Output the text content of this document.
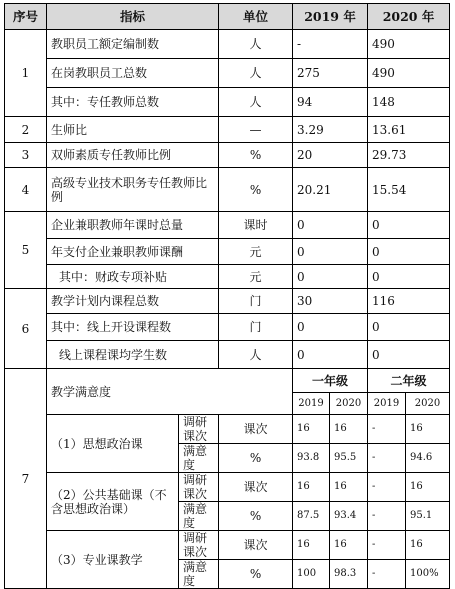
序号	指标		单位	2019 年		2020 年	
1	教职员工额定编制数		人	-		490	
	在岗教职员工总数		人	275		490	
	其中：专任教师总数		人	94		148	
2	生师比		—	3.29		13.61	
3	双师素质专任教师比例		%	20		29.73	
4	高级专业技术职务专任教师比例		%	20.21		15.54	
5	企业兼职教师年课时总量		课时	0		0	
	年支付企业兼职教师课酬		元	0		0	
	其中：财政专项补贴		元	0		0	
6	教学计划内课程总数		门	30		116	
	其中：线上开设课程数		门	0		0	
	线上课程课均学生数		人	0		0	
7	教学满意度			一年级		二年级	
				2019	2020	2019	2020
	（1）思想政治课	调研课次	课次	16	16	-	16
		满意度	%	93.8	95.5	-	94.6
	（2）公共基础课（不含思想政治课）	调研课次	课次	16	16	-	16
		满意度	%	87.5	93.4	-	95.1
	（3）专业课教学	调研课次	课次	16	16	-	16
		满意度	%	100	98.3	-	100%
